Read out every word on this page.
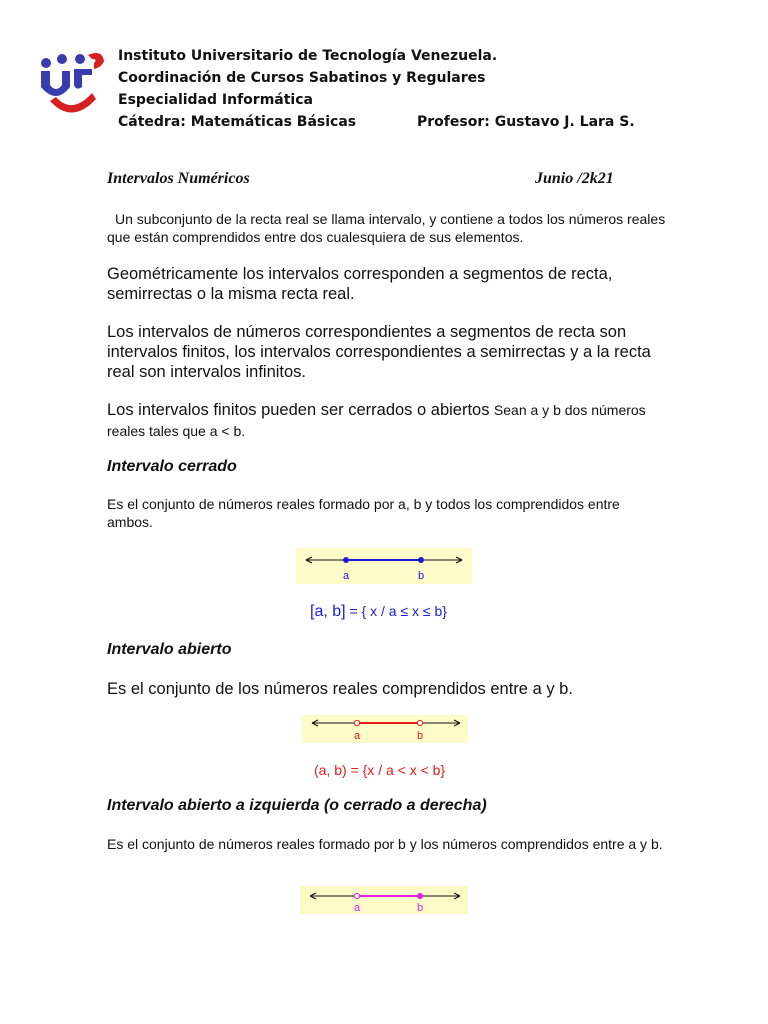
Instituto Universitario de Tecnología Venezuela.
Coordinación de Cursos Sabatinos y Regulares
Especialidad Informática
Cátedra: Matemáticas Básicas	Profesor: Gustavo J. Lara S.
Intervalos Numéricos	Junio /2k21
Un subconjunto de la recta real se llama intervalo, y contiene a todos los números reales que están comprendidos entre dos cualesquiera de sus elementos.
Geométricamente los intervalos corresponden a segmentos de recta, semirrectas o la misma recta real.
Los intervalos de números correspondientes a segmentos de recta son intervalos finitos, los intervalos correspondientes a semirrectas y a la recta real son intervalos infinitos.
Los intervalos finitos pueden ser cerrados o abiertos Sean a y b dos números reales tales que a < b.
Intervalo cerrado
Es el conjunto de números reales formado por a, b y todos los comprendidos entre ambos.
a	b
[a, b] = { x / a ≤ x ≤ b}
Intervalo abierto
Es el conjunto de los números reales comprendidos entre a y b.
a	b
(a, b) = {x / a < x < b}
Intervalo abierto a izquierda (o cerrado a derecha)
Es el conjunto de números reales formado por b y los números comprendidos entre a y b.
a	b
